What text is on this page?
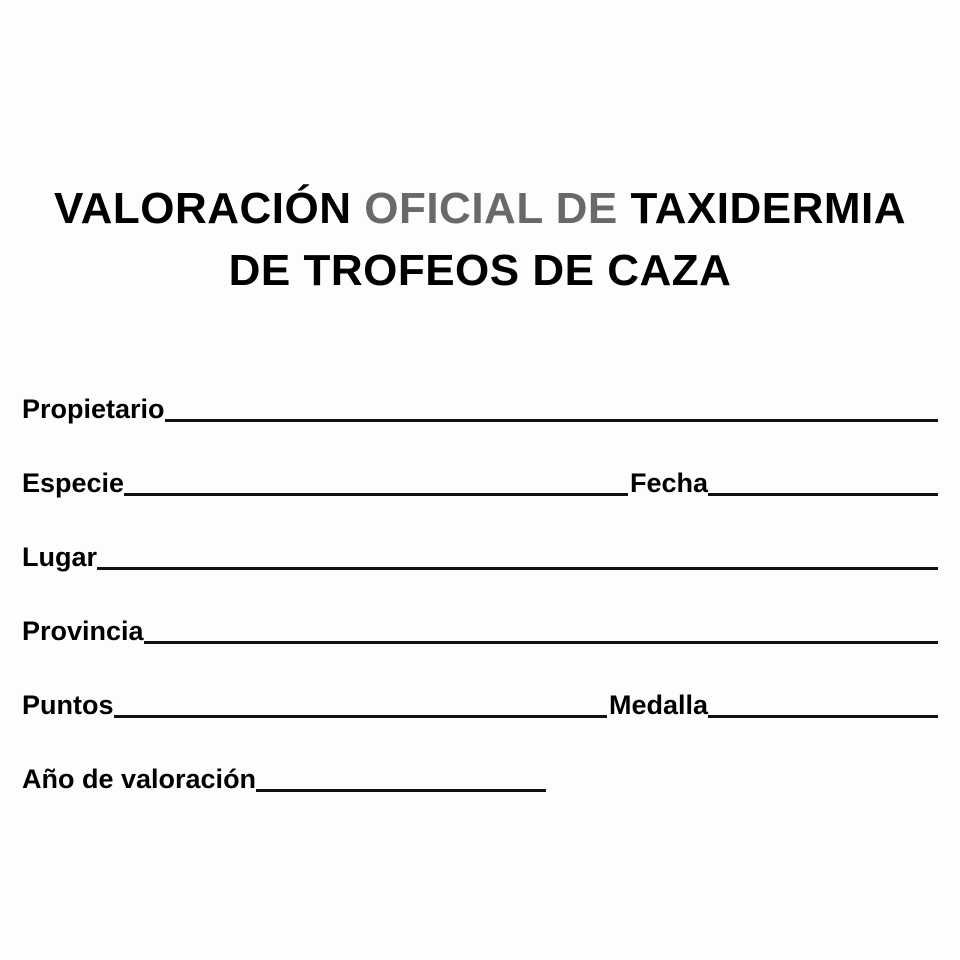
VALORACIÓN OFICIAL DE TAXIDERMIA
DE TROFEOS DE CAZA
Propietario
Especie	Fecha
Lugar
Provincia
Puntos	Medalla
Año de valoración
